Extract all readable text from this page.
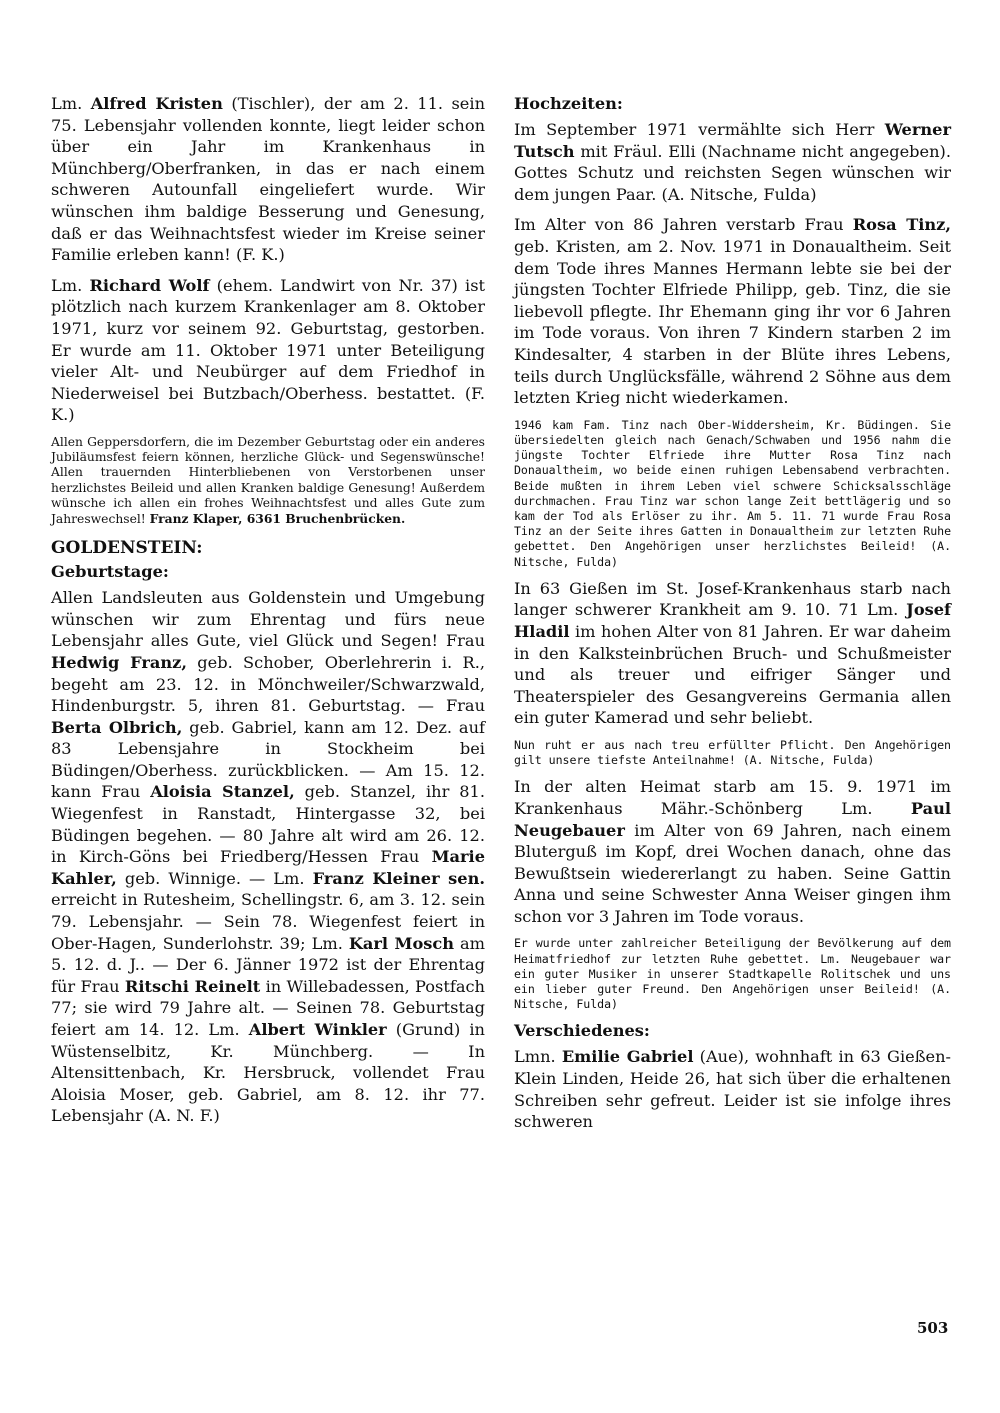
Lm. Alfred Kristen (Tischler), der am 2. 11. sein 75. Lebensjahr vollenden konnte, liegt leider schon über ein Jahr im Krankenhaus in Münchberg/Oberfranken, in das er nach einem schweren Autounfall eingeliefert wurde. Wir wünschen ihm baldige Besserung und Genesung, daß er das Weihnachtsfest wieder im Kreise seiner Familie erleben kann! (F. K.)

Lm. Richard Wolf (ehem. Landwirt von Nr. 37) ist plötzlich nach kurzem Krankenlager am 8. Oktober 1971, kurz vor seinem 92. Geburtstag, gestorben. Er wurde am 11. Oktober 1971 unter Beteiligung vieler Alt- und Neubürger auf dem Friedhof in Niederweisel bei Butzbach/Oberhess. bestattet. (F. K.)

Allen Geppersdorfern, die im Dezember Geburtstag oder ein anderes Jubiläumsfest feiern können, herzliche Glück- und Segenswünsche! Allen trauernden Hinterbliebenen von Verstorbenen unser herzlichstes Beileid und allen Kranken baldige Genesung! Außerdem wünsche ich allen ein frohes Weihnachtsfest und alles Gute zum Jahreswechsel! Franz Klaper, 6361 Bruchenbrücken.

GOLDENSTEIN:
Geburtstage:

Allen Landsleuten aus Goldenstein und Umgebung wünschen wir zum Ehrentag und fürs neue Lebensjahr alles Gute, viel Glück und Segen! Frau Hedwig Franz, geb. Schober, Oberlehrerin i. R., begeht am 23. 12. in Mönchweiler/Schwarzwald, Hindenburgstr. 5, ihren 81. Geburtstag. — Frau Berta Olbrich, geb. Gabriel, kann am 12. Dez. auf 83 Lebensjahre in Stockheim bei Büdingen/Oberhess. zurückblicken. — Am 15. 12. kann Frau Aloisia Stanzel, geb. Stanzel, ihr 81. Wiegenfest in Ranstadt, Hintergasse 32, bei Büdingen begehen. — 80 Jahre alt wird am 26. 12. in Kirch-Göns bei Friedberg/Hessen Frau Marie Kahler, geb. Winnige. — Lm. Franz Kleiner sen. erreicht in Rutesheim, Schellingstr. 6, am 3. 12. sein 79. Lebensjahr. — Sein 78. Wiegenfest feiert in Ober-Hagen, Sunderlohstr. 39; Lm. Karl Mosch am 5. 12. d. J.. — Der 6. Jänner 1972 ist der Ehrentag für Frau Ritschi Reinelt in Willebadessen, Postfach 77; sie wird 79 Jahre alt. — Seinen 78. Geburtstag feiert am 14. 12. Lm. Albert Winkler (Grund) in Wüstenselbitz, Kr. Münchberg. — In Altensittenbach, Kr. Hersbruck, vollendet Frau Aloisia Moser, geb. Gabriel, am 8. 12. ihr 77. Lebensjahr (A. N. F.)

Hochzeiten:

Im September 1971 vermählte sich Herr Werner Tutsch mit Fräul. Elli (Nachname nicht angegeben). Gottes Schutz und reichsten Segen wünschen wir dem jungen Paar. (A. Nitsche, Fulda)

Im Alter von 86 Jahren verstarb Frau Rosa Tinz, geb. Kristen, am 2. Nov. 1971 in Donaualtheim. Seit dem Tode ihres Mannes Hermann lebte sie bei der jüngsten Tochter Elfriede Philipp, geb. Tinz, die sie liebevoll pflegte. Ihr Ehemann ging ihr vor 6 Jahren im Tode voraus. Von ihren 7 Kindern starben 2 im Kindesalter, 4 starben in der Blüte ihres Lebens, teils durch Unglücksfälle, während 2 Söhne aus dem letzten Krieg nicht wiederkamen.

1946 kam Fam. Tinz nach Ober-Widdersheim, Kr. Büdingen. Sie übersiedelten gleich nach Genach/Schwaben und 1956 nahm die jüngste Tochter Elfriede ihre Mutter Rosa Tinz nach Donaualtheim, wo beide einen ruhigen Lebensabend verbrachten. Beide mußten in ihrem Leben viel schwere Schicksalsschläge durchmachen. Frau Tinz war schon lange Zeit bettlägerig und so kam der Tod als Erlöser zu ihr. Am 5. 11. 71 wurde Frau Rosa Tinz an der Seite ihres Gatten in Donaualtheim zur letzten Ruhe gebettet. Den Angehörigen unser herzlichstes Beileid! (A. Nitsche, Fulda)

In 63 Gießen im St. Josef-Krankenhaus starb nach langer schwerer Krankheit am 9. 10. 71 Lm. Josef Hladil im hohen Alter von 81 Jahren. Er war daheim in den Kalksteinbrüchen Bruch- und Schußmeister und als treuer und eifriger Sänger und Theaterspieler des Gesangvereins Germania allen ein guter Kamerad und sehr beliebt.

Nun ruht er aus nach treu erfüllter Pflicht. Den Angehörigen gilt unsere tiefste Anteilnahme! (A. Nitsche, Fulda)

In der alten Heimat starb am 15. 9. 1971 im Krankenhaus Mähr.-Schönberg Lm. Paul Neugebauer im Alter von 69 Jahren, nach einem Bluterguß im Kopf, drei Wochen danach, ohne das Bewußtsein wiedererlangt zu haben. Seine Gattin Anna und seine Schwester Anna Weiser gingen ihm schon vor 3 Jahren im Tode voraus.

Er wurde unter zahlreicher Beteiligung der Bevölkerung auf dem Heimatfriedhof zur letzten Ruhe gebettet. Lm. Neugebauer war ein guter Musiker in unserer Stadtkapelle Rolitschek und uns ein lieber guter Freund. Den Angehörigen unser Beileid! (A. Nitsche, Fulda)

Verschiedenes:

Lmn. Emilie Gabriel (Aue), wohnhaft in 63 Gießen-Klein Linden, Heide 26, hat sich über die erhaltenen Schreiben sehr gefreut. Leider ist sie infolge ihres schweren

503
